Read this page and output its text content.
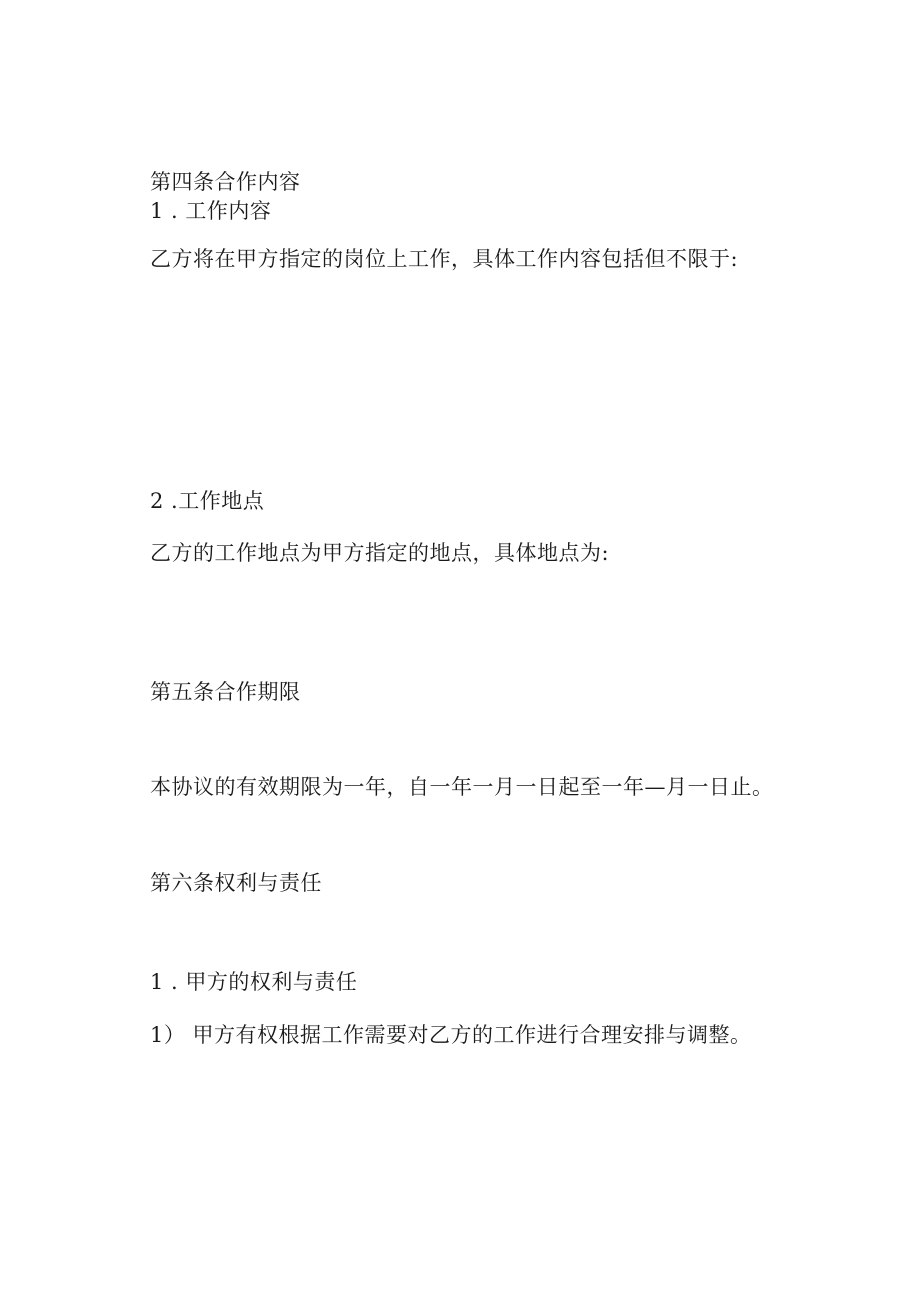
第四条合作内容
1 . 工作内容
乙方将在甲方指定的岗位上工作，具体工作内容包括但不限于:
2 .工作地点
乙方的工作地点为甲方指定的地点，具体地点为:
第五条合作期限
本协议的有效期限为一年，自一年一月一日起至一年—月一日止。
第六条权利与责任
1 . 甲方的权利与责任
1） 甲方有权根据工作需要对乙方的工作进行合理安排与调整。
